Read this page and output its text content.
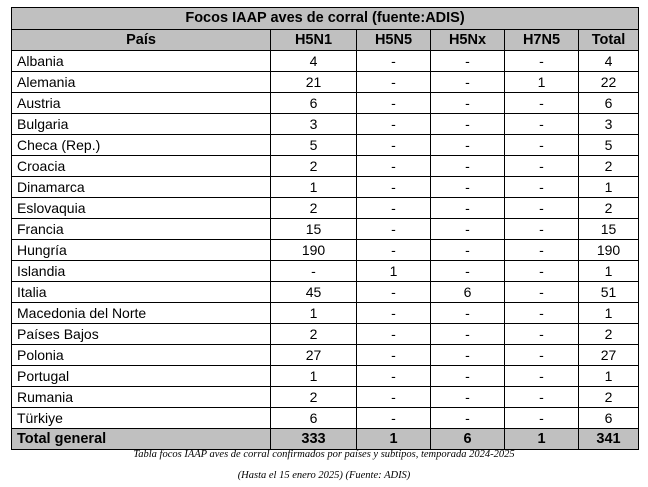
Focos IAAP aves de corral (fuente:ADIS)					
País	H5N1	H5N5	H5Nx	H7N5	Total
Albania	4	-	-	-	4
Alemania	21	-	-	1	22
Austria	6	-	-	-	6
Bulgaria	3	-	-	-	3
Checa (Rep.)	5	-	-	-	5
Croacia	2	-	-	-	2
Dinamarca	1	-	-	-	1
Eslovaquia	2	-	-	-	2
Francia	15	-	-	-	15
Hungría	190	-	-	-	190
Islandia	-	1	-	-	1
Italia	45	-	6	-	51
Macedonia del Norte	1	-	-	-	1
Países Bajos	2	-	-	-	2
Polonia	27	-	-	-	27
Portugal	1	-	-	-	1
Rumania	2	-	-	-	2
Türkiye	6	-	-	-	6
Total general	333	1	6	1	341
Tabla focos IAAP aves de corral confirmados por países y subtipos, temporada 2024-2025
(Hasta el 15 enero 2025) (Fuente: ADIS)
